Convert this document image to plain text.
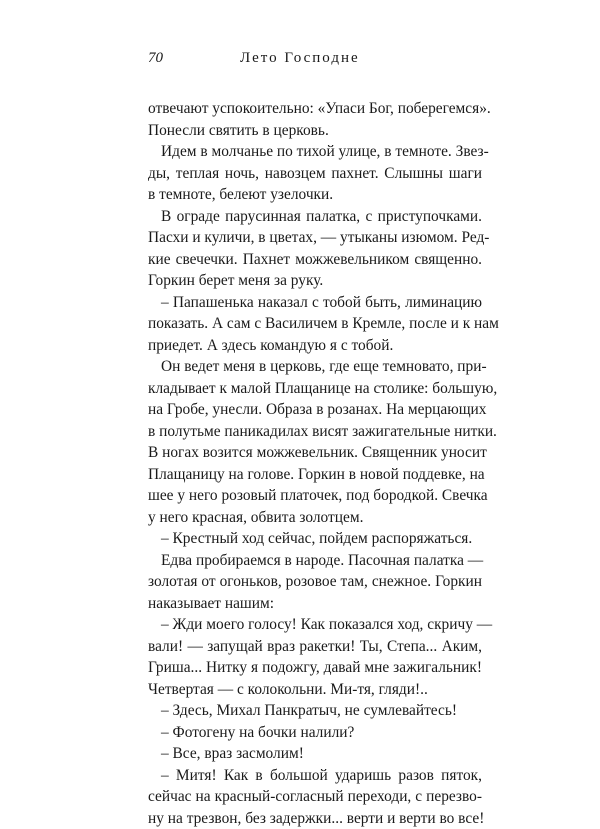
70	Лето Господне
отвечают успокоительно: «Упаси Бог, поберегемся».
Понесли святить в церковь.
Идем в молчанье по тихой улице, в темноте. Звез-
ды, теплая ночь, навозцем пахнет. Слышны шаги
в темноте, белеют узелочки.
В ограде парусинная палатка, с приступочками.
Пасхи и куличи, в цветах, — утыканы изюмом. Ред-
кие свечечки. Пахнет можжевельником священно.
Горкин берет меня за руку.
– Папашенька наказал с тобой быть, лиминацию
показать. А сам с Василичем в Кремле, после и к нам
приедет. А здесь командую я с тобой.
Он ведет меня в церковь, где еще темновато, при-
кладывает к малой Плащанице на столике: большую,
на Гробе, унесли. Образа в розанах. На мерцающих
в полутьме паникадилах висят зажигательные нитки.
В ногах возится можжевельник. Священник уносит
Плащаницу на голове. Горкин в новой поддевке, на
шее у него розовый платочек, под бородкой. Свечка
у него красная, обвита золотцем.
– Крестный ход сейчас, пойдем распоряжаться.
Едва пробираемся в народе. Пасочная палатка —
золотая от огоньков, розовое там, снежное. Горкин
наказывает нашим:
– Жди моего голосу! Как показался ход, скричу —
вали! — запущай враз ракетки! Ты, Степа... Аким,
Гриша... Нитку я подожгу, давай мне зажигальник!
Четвертая — с колокольни. Ми-тя, гляди!..
– Здесь, Михал Панкратыч, не сумлевайтесь!
– Фотогену на бочки налили?
– Все, враз засмолим!
– Митя! Как в большой ударишь разов пяток,
сейчас на красный-согласный переходи, с перезво-
ну на трезвон, без задержки... верти и верти во все!
